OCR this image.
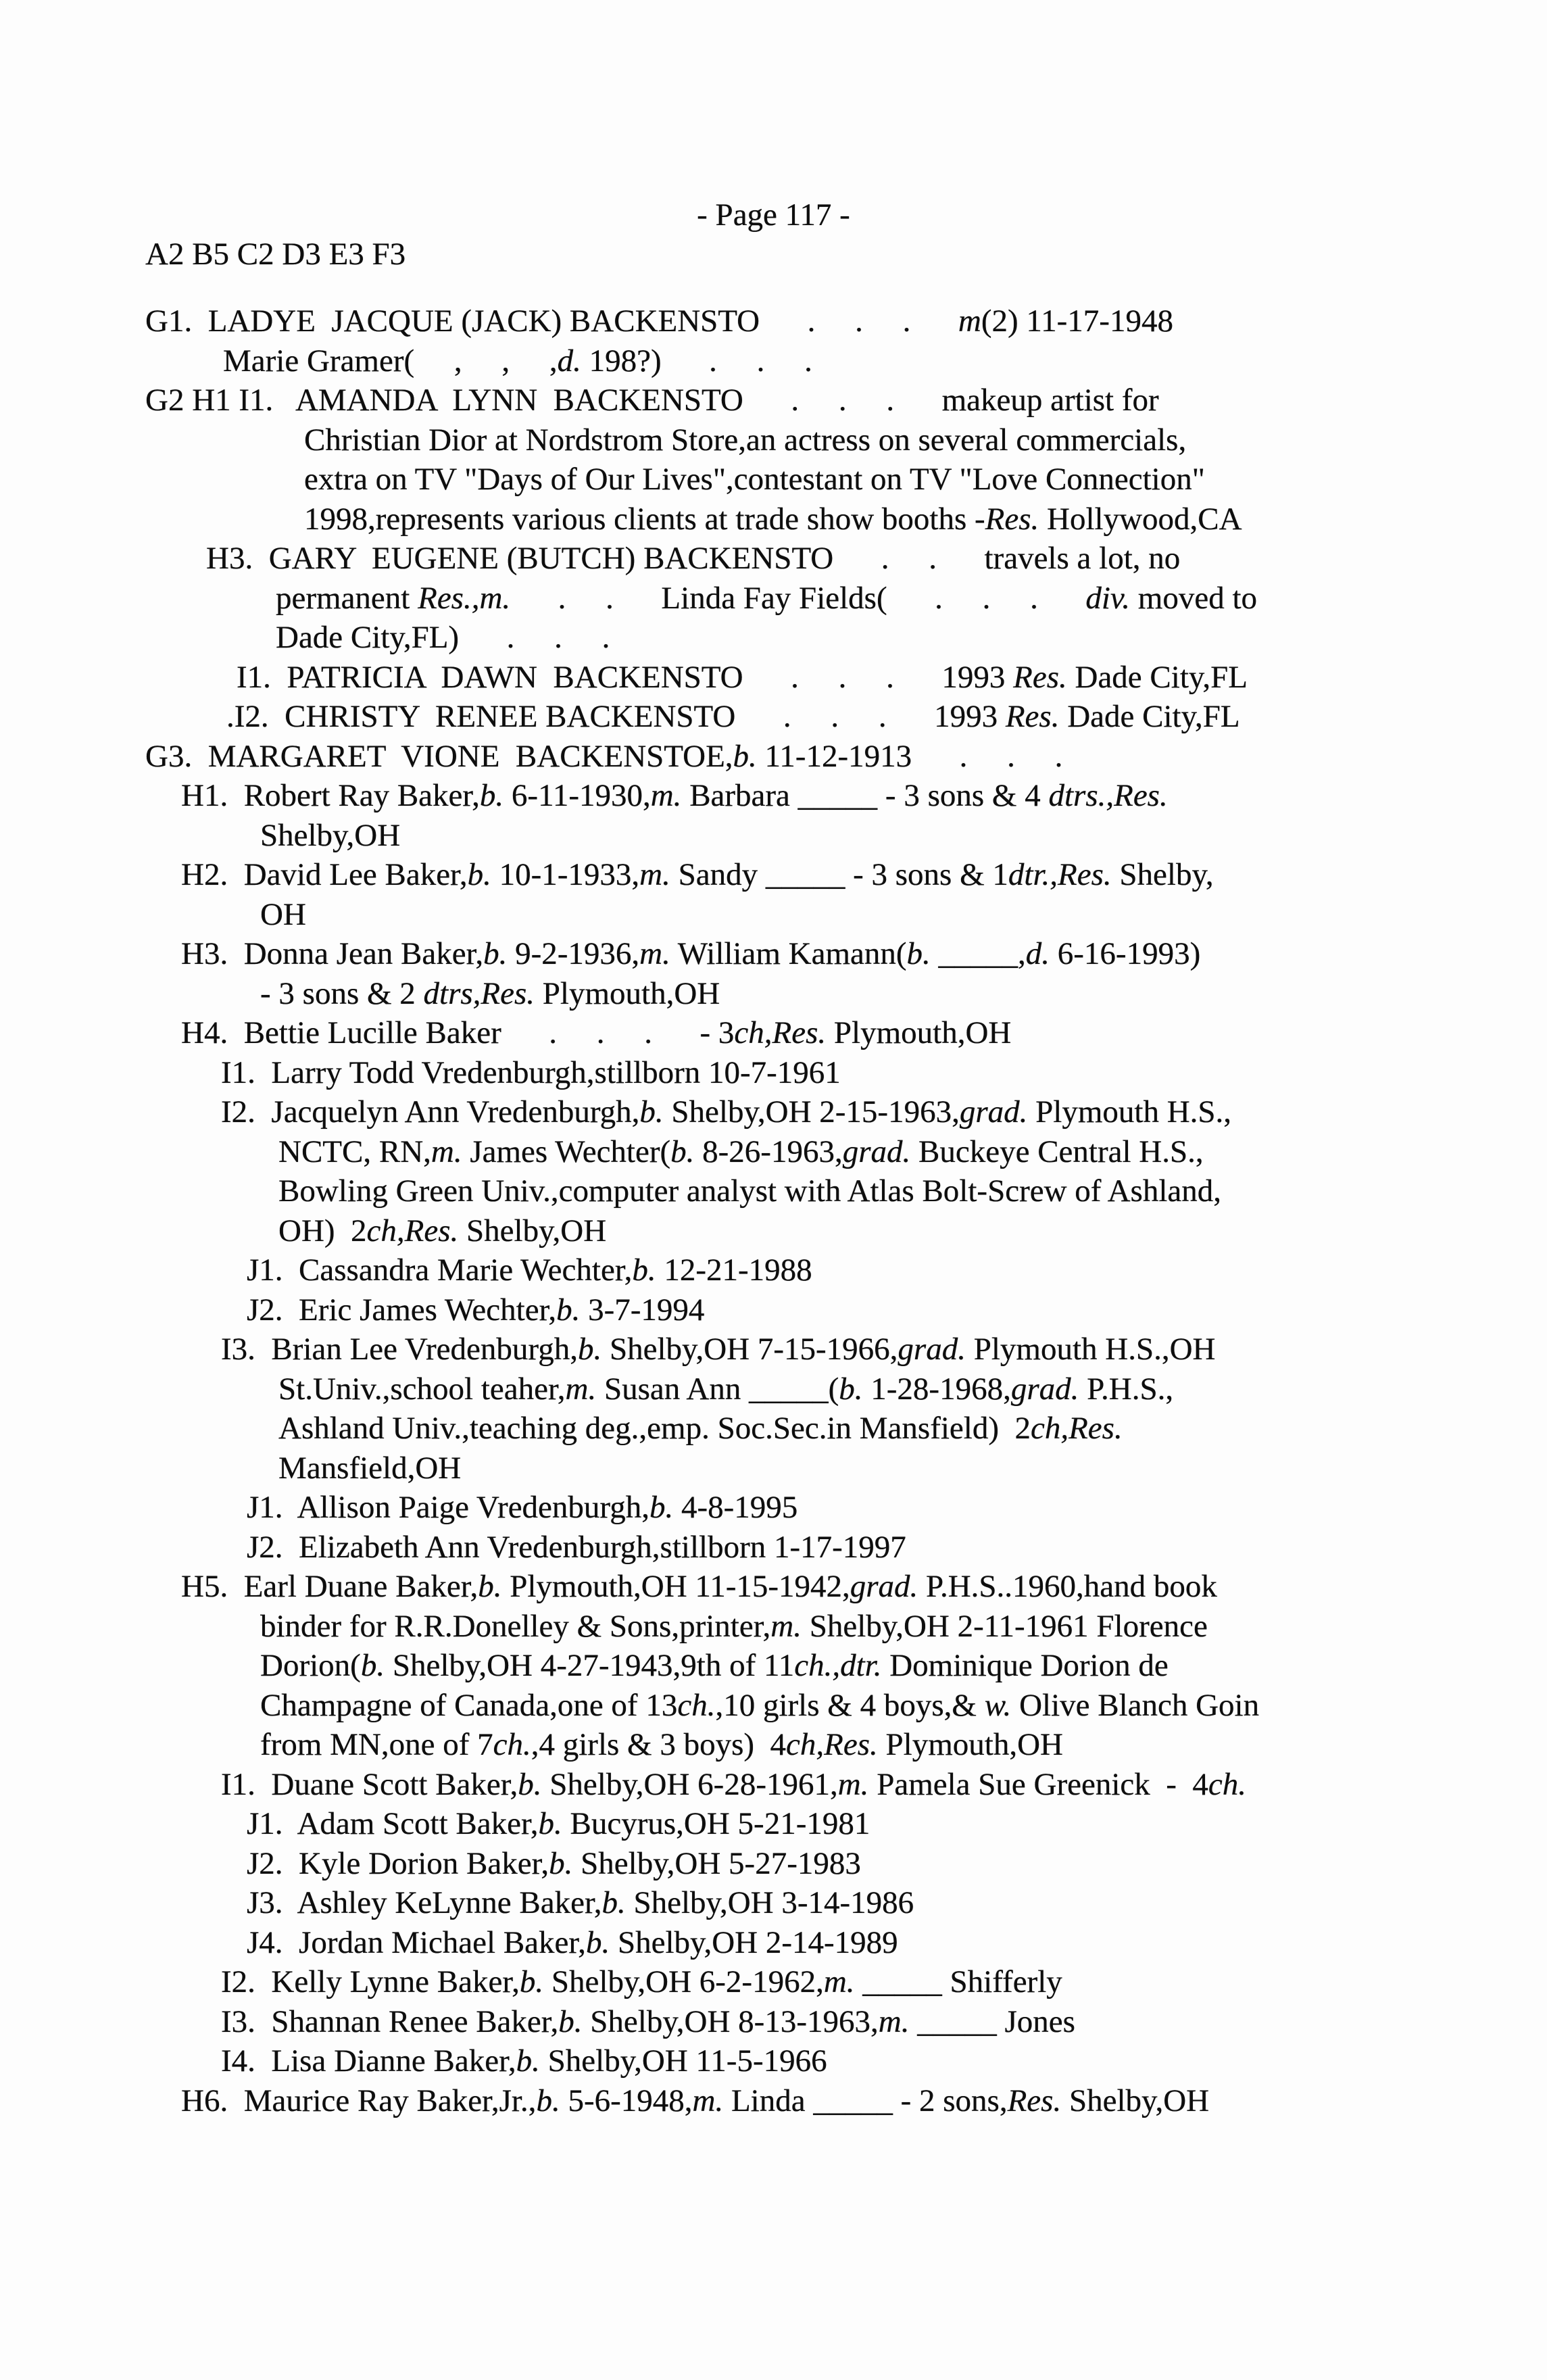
- Page 117 -
A2 B5 C2 D3 E3 F3
G1.  LADYE  JACQUE (JACK) BACKENSTO      .     .     .      m(2) 11-17-1948
Marie Gramer(     ,     ,     ,d. 198?)      .     .     .
G2 H1 I1.   AMANDA  LYNN  BACKENSTO      .     .     .      makeup artist for
Christian Dior at Nordstrom Store,an actress on several commercials,
extra on TV "Days of Our Lives",contestant on TV "Love Connection"
1998,represents various clients at trade show booths -Res. Hollywood,CA
H3.  GARY  EUGENE (BUTCH) BACKENSTO      .     .      travels a lot, no
permanent Res.,m.      .     .      Linda Fay Fields(      .     .     .      div. moved to
Dade City,FL)      .     .     .
I1.  PATRICIA  DAWN  BACKENSTO      .     .     .      1993 Res. Dade City,FL
.I2.  CHRISTY  RENEE BACKENSTO      .     .     .      1993 Res. Dade City,FL
G3.  MARGARET  VIONE  BACKENSTOE,b. 11-12-1913      .     .     .
H1.  Robert Ray Baker,b. 6-11-1930,m. Barbara _____ - 3 sons & 4 dtrs.,Res.
Shelby,OH
H2.  David Lee Baker,b. 10-1-1933,m. Sandy _____ - 3 sons & 1dtr.,Res. Shelby,
OH
H3.  Donna Jean Baker,b. 9-2-1936,m. William Kamann(b. _____,d. 6-16-1993)
- 3 sons & 2 dtrs,Res. Plymouth,OH
H4.  Bettie Lucille Baker      .     .     .      - 3ch,Res. Plymouth,OH
I1.  Larry Todd Vredenburgh,stillborn 10-7-1961
I2.  Jacquelyn Ann Vredenburgh,b. Shelby,OH 2-15-1963,grad. Plymouth H.S.,
NCTC, RN,m. James Wechter(b. 8-26-1963,grad. Buckeye Central H.S.,
Bowling Green Univ.,computer analyst with Atlas Bolt-Screw of Ashland,
OH)  2ch,Res. Shelby,OH
J1.  Cassandra Marie Wechter,b. 12-21-1988
J2.  Eric James Wechter,b. 3-7-1994
I3.  Brian Lee Vredenburgh,b. Shelby,OH 7-15-1966,grad. Plymouth H.S.,OH
St.Univ.,school teaher,m. Susan Ann _____(b. 1-28-1968,grad. P.H.S.,
Ashland Univ.,teaching deg.,emp. Soc.Sec.in Mansfield)  2ch,Res.
Mansfield,OH
J1.  Allison Paige Vredenburgh,b. 4-8-1995
J2.  Elizabeth Ann Vredenburgh,stillborn 1-17-1997
H5.  Earl Duane Baker,b. Plymouth,OH 11-15-1942,grad. P.H.S..1960,hand book
binder for R.R.Donelley & Sons,printer,m. Shelby,OH 2-11-1961 Florence
Dorion(b. Shelby,OH 4-27-1943,9th of 11ch.,dtr. Dominique Dorion de
Champagne of Canada,one of 13ch.,10 girls & 4 boys,& w. Olive Blanch Goin
from MN,one of 7ch.,4 girls & 3 boys)  4ch,Res. Plymouth,OH
I1.  Duane Scott Baker,b. Shelby,OH 6-28-1961,m. Pamela Sue Greenick  -  4ch.
J1.  Adam Scott Baker,b. Bucyrus,OH 5-21-1981
J2.  Kyle Dorion Baker,b. Shelby,OH 5-27-1983
J3.  Ashley KeLynne Baker,b. Shelby,OH 3-14-1986
J4.  Jordan Michael Baker,b. Shelby,OH 2-14-1989
I2.  Kelly Lynne Baker,b. Shelby,OH 6-2-1962,m. _____ Shifferly
I3.  Shannan Renee Baker,b. Shelby,OH 8-13-1963,m. _____ Jones
I4.  Lisa Dianne Baker,b. Shelby,OH 11-5-1966
H6.  Maurice Ray Baker,Jr.,b. 5-6-1948,m. Linda _____ - 2 sons,Res. Shelby,OH
